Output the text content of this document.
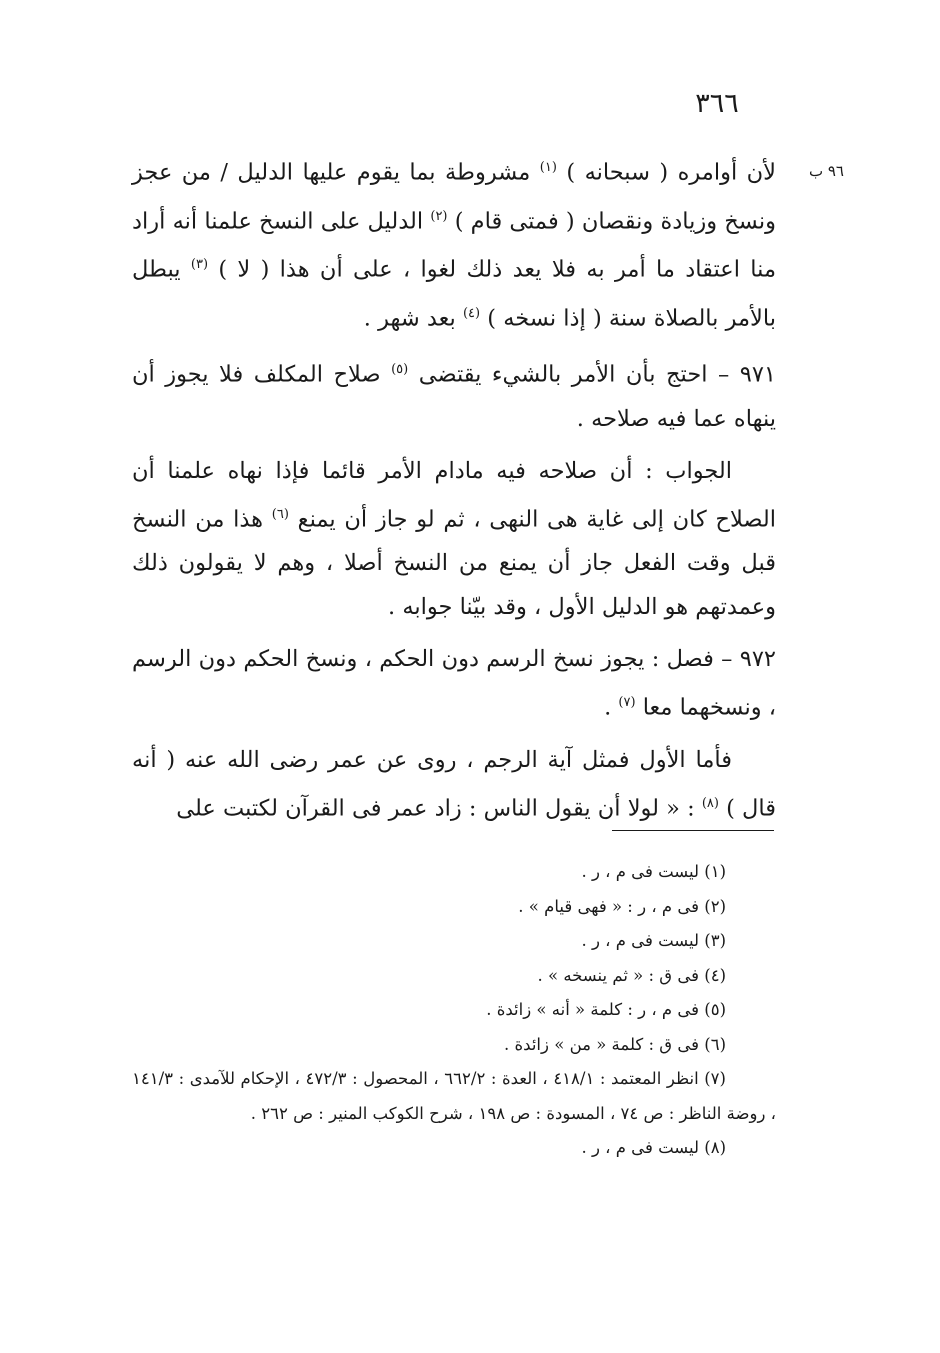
٣٦٦
٩٦ ب

لأن أوامره ( سبحانه ) $^{(١)}$ مشروطة بما يقوم عليها الدليل / من عجز ونسخ وزيادة ونقصان ( فمتى قام ) $^{(٢)}$ الدليل على النسخ علمنا أنه أراد منا اعتقاد ما أمر به فلا يعد ذلك لغوا ، على أن هذا ( لا ) $^{(٣)}$ يبطل بالأمر بالصلاة سنة ( إذا نسخه ) $^{(٤)}$ بعد شهر .

٩٧١ – احتج بأن الأمر بالشيء يقتضى $^{(٥)}$ صلاح المكلف فلا يجوز أن ينهاه عما فيه صلاحه .

الجواب : أن صلاحه فيه مادام الأمر قائما فإذا نهاه علمنا أن الصلاح كان إلى غاية هى النهى ، ثم لو جاز أن يمنع $^{(٦)}$ هذا من النسخ قبل وقت الفعل جاز أن يمنع من النسخ أصلا ، وهم لا يقولون ذلك وعمدتهم هو الدليل الأول ، وقد بيّنا جوابه .

٩٧٢ – فصل : يجوز نسخ الرسم دون الحكم ، ونسخ الحكم دون الرسم ، ونسخهما معا $^{(٧)}$ .

فأما الأول فمثل آية الرجم ، روى عن عمر رضى الله عنه ( أنه قال ) $^{(٨)}$ : « لولا أن يقول الناس : زاد عمر فى القرآن لكتبت على

(١) ليست فى م ، ر .

(٢) فى م ، ر : « فهى قيام » .

(٣) ليست فى م ، ر .

(٤) فى ق : « ثم ينسخه » .

(٥) فى م ، ر : كلمة « أنه » زائدة .

(٦) فى ق : كلمة « من » زائدة .

(٧) انظر المعتمد : ٤١٨/١ ، العدة : ٦٦٢/٢ ، المحصول : ٤٧٢/٣ ، الإحكام للآمدى : ١٤١/٣ ، روضة الناظر : ص ٧٤ ، المسودة : ص ١٩٨ ، شرح الكوكب المنير : ص ٢٦٢ .

(٨) ليست فى م ، ر .
